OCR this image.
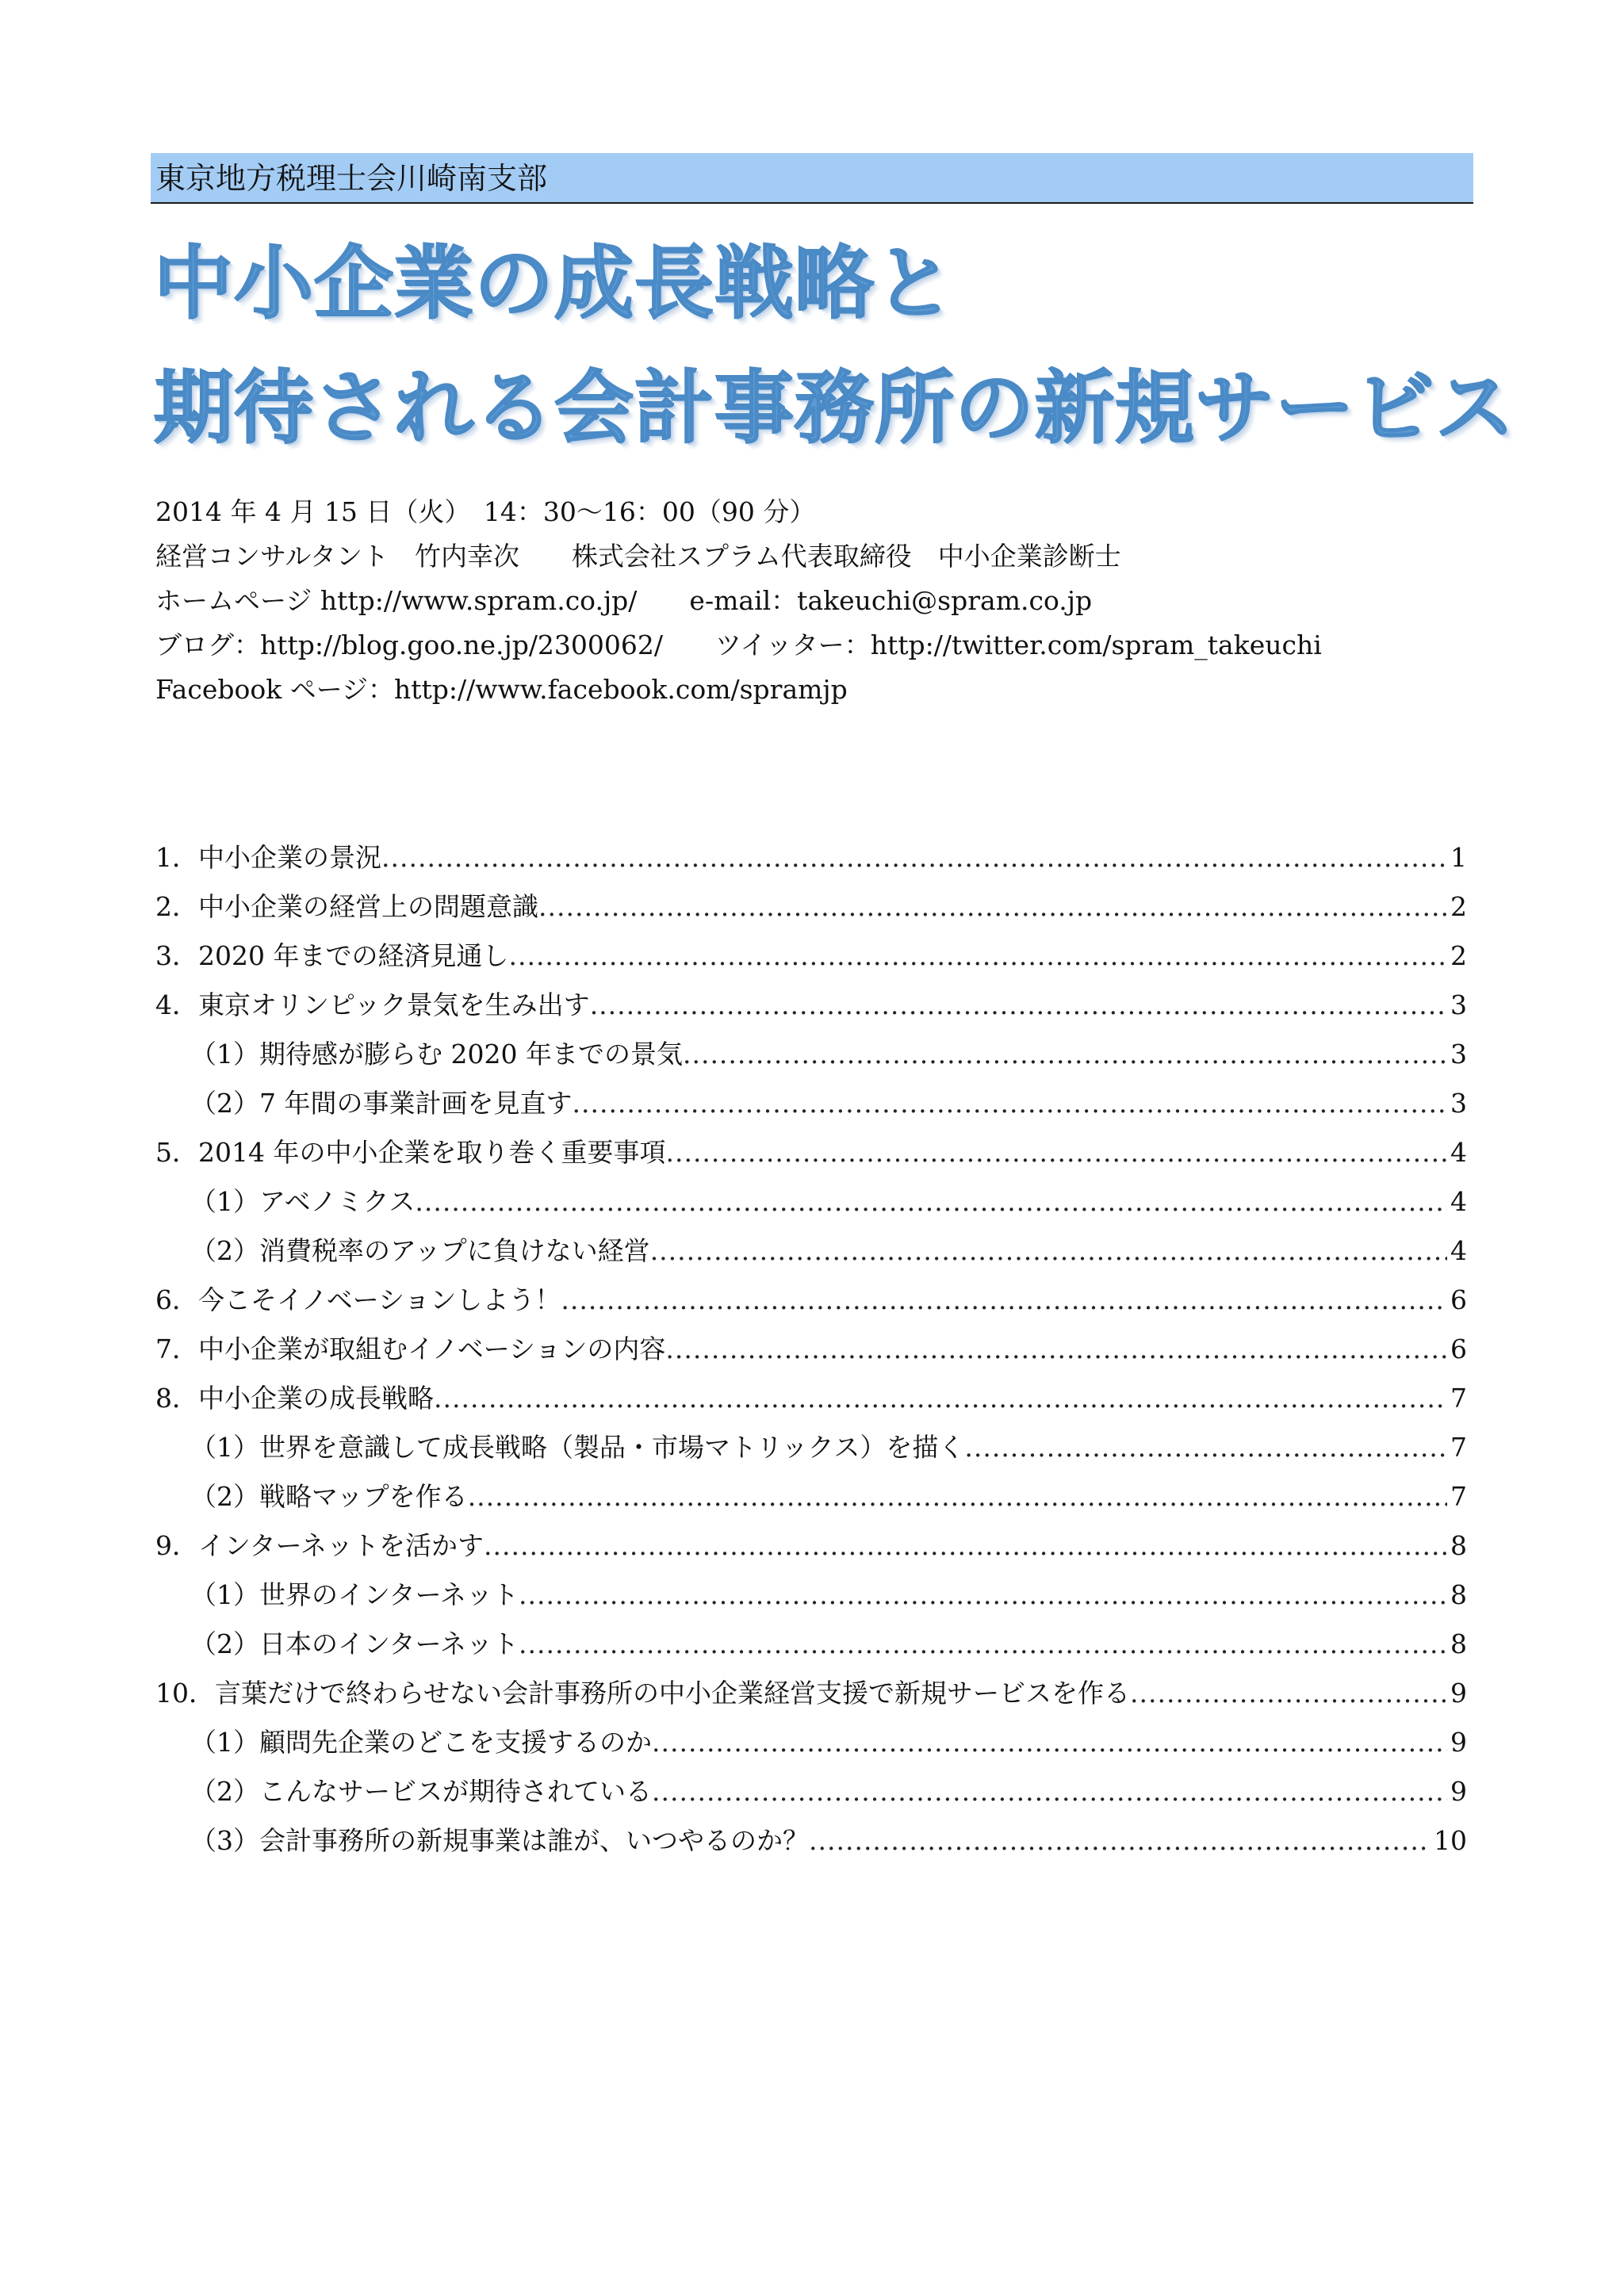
東京地方税理士会川崎南支部
中小企業の成長戦略と
期待される会計事務所の新規サービス
2014 年 4 月 15 日（火）　14：30〜16：00（90 分）
経営コンサルタント　竹内幸次　　株式会社スプラム代表取締役　中小企業診断士
ホームページ http://www.spram.co.jp/　　e-mail：takeuchi@spram.co.jp
ブログ：http://blog.goo.ne.jp/2300062/　　ツイッター：http://twitter.com/spram_takeuchi
Facebook ページ：http://www.facebook.com/spramjp
1．中小企業の景況 .....	1
2．中小企業の経営上の問題意識 .....	2
3．2020 年までの経済見通し .....	2
4．東京オリンピック景気を生み出す .....	3
（1）期待感が膨らむ 2020 年までの景気 .....	3
（2）7 年間の事業計画を見直す .....	3
5．2014 年の中小企業を取り巻く重要事項 .....	4
（1）アベノミクス .....	4
（2）消費税率のアップに負けない経営 .....	4
6．今こそイノベーションしよう！ .....	6
7．中小企業が取組むイノベーションの内容 .....	6
8．中小企業の成長戦略 .....	7
（1）世界を意識して成長戦略（製品・市場マトリックス）を描く .....	7
（2）戦略マップを作る .....	7
9．インターネットを活かす .....	8
（1）世界のインターネット .....	8
（2）日本のインターネット .....	8
10．言葉だけで終わらせない会計事務所の中小企業経営支援で新規サービスを作る .....	9
（1）顧問先企業のどこを支援するのか .....	9
（2）こんなサービスが期待されている .....	9
（3）会計事務所の新規事業は誰が、いつやるのか？ .....	10
